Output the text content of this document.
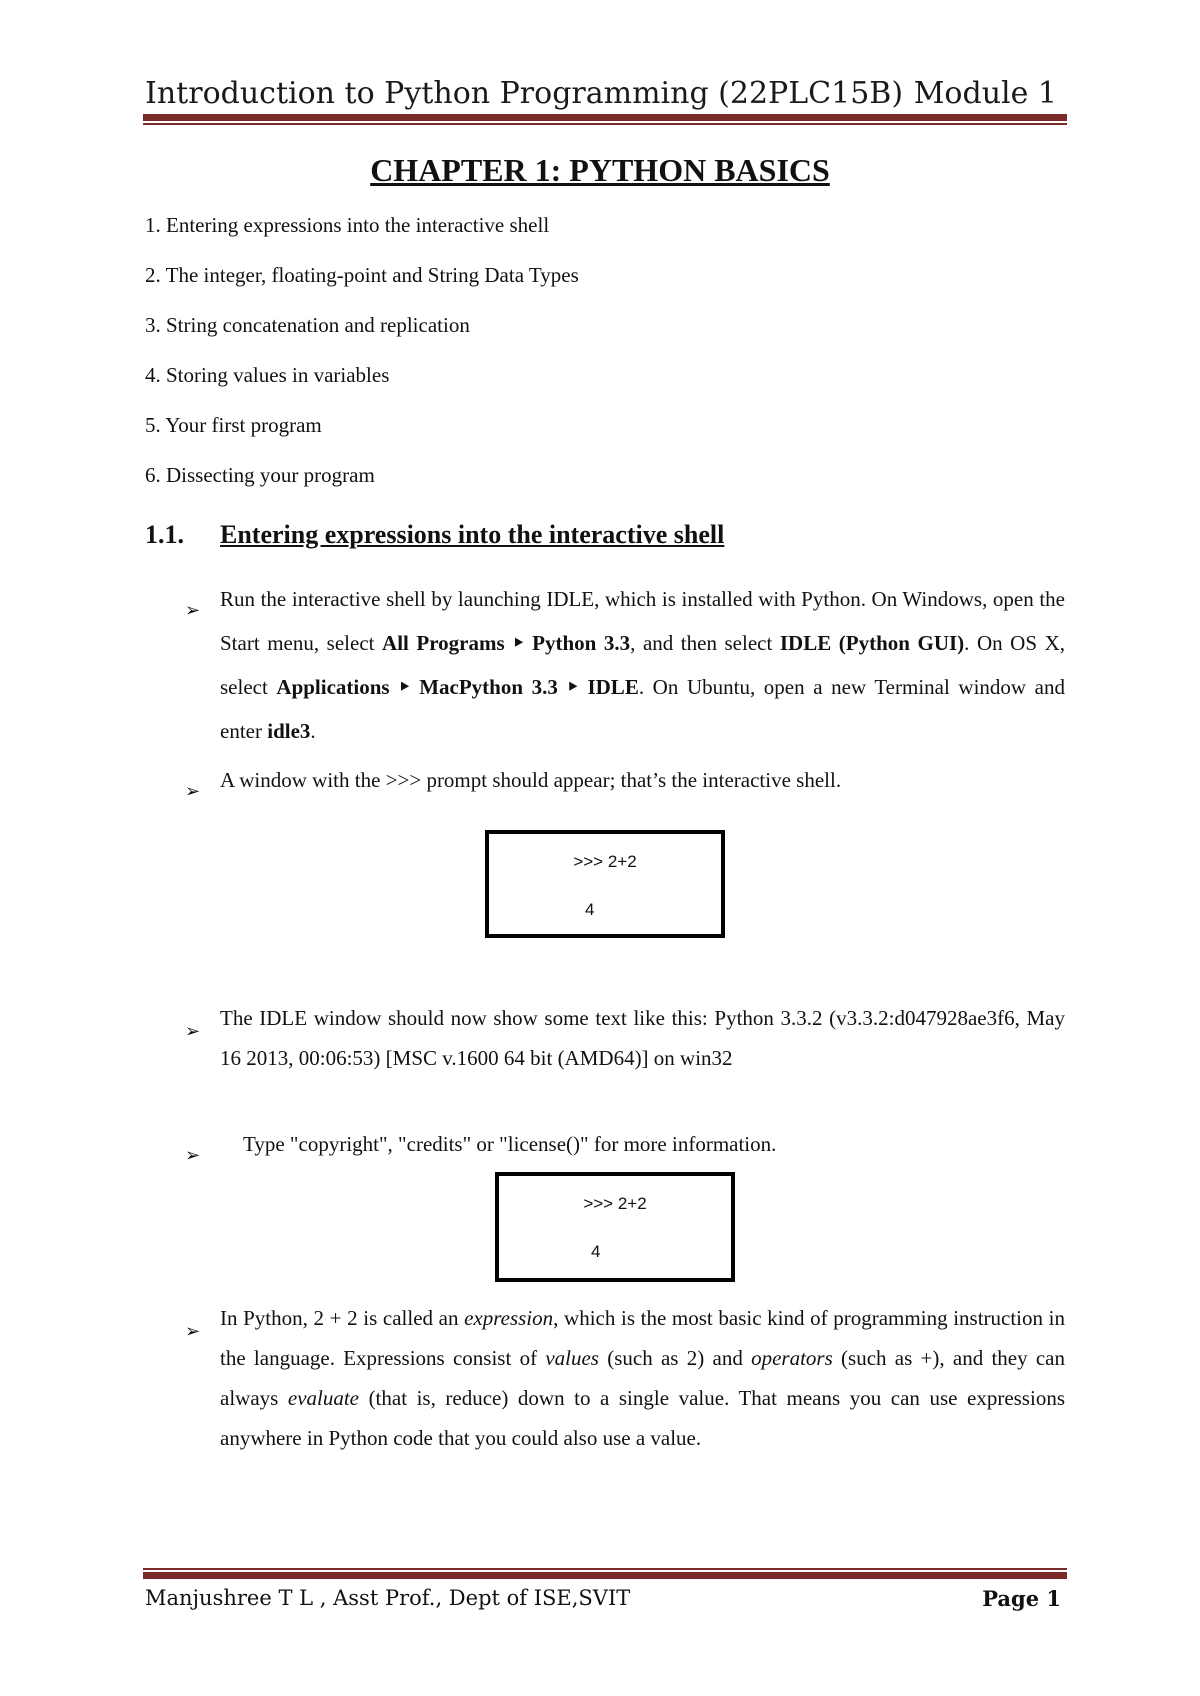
Introduction to Python Programming (22PLC15B) Module 1
CHAPTER 1: PYTHON BASICS
1. Entering expressions into the interactive shell
2. The integer, floating-point and String Data Types
3. String concatenation and replication
4. Storing values in variables
5. Your first program
6. Dissecting your program
1.1. Entering expressions into the interactive shell
➢ Run the interactive shell by launching IDLE, which is installed with Python. On Windows, open the Start menu, select All Programs ‣ Python 3.3, and then select IDLE (Python GUI). On OS X, select Applications ‣ MacPython 3.3 ‣ IDLE. On Ubuntu, open a new Terminal window and enter idle3.
➢ A window with the >>> prompt should appear; that’s the interactive shell.
>>> 2+2
4
➢
The IDLE window should now show some text like this: Python 3.3.2 (v3.3.2:d047928ae3f6, May 16 2013, 00:06:53) [MSC v.1600 64 bit (AMD64)] on win32
➢ Type "copyright", "credits" or "license()" for more information.
>>> 2+2
4
➢
In Python, 2 + 2 is called an expression, which is the most basic kind of programming instruction in the language. Expressions consist of values (such as 2) and operators (such as +), and they can always evaluate (that is, reduce) down to a single value. That means you can use expressions anywhere in Python code that you could also use a value.
Manjushree T L , Asst Prof., Dept of ISE,SVIT	Page 1
